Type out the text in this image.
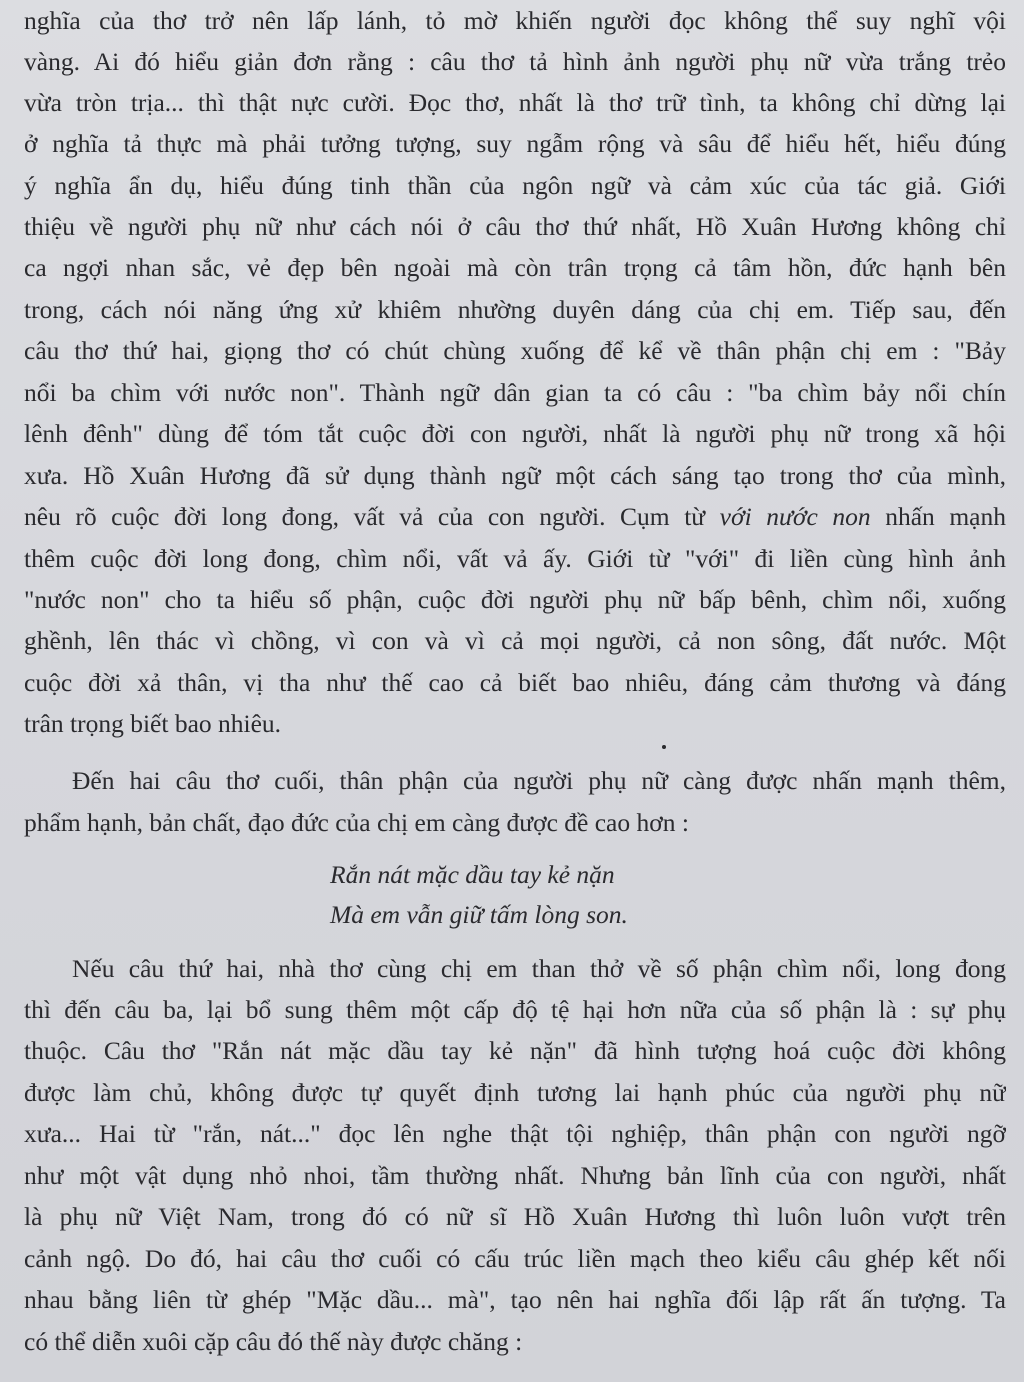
nghĩa của thơ trở nên lấp lánh, tỏ mờ khiến người đọc không thể suy nghĩ vội
vàng. Ai đó hiểu giản đơn rằng : câu thơ tả hình ảnh người phụ nữ vừa trắng trẻo
vừa tròn trịa... thì thật nực cười. Đọc thơ, nhất là thơ trữ tình, ta không chỉ dừng lại
ở nghĩa tả thực mà phải tưởng tượng, suy ngẫm rộng và sâu để hiểu hết, hiểu đúng
ý nghĩa ẩn dụ, hiểu đúng tinh thần của ngôn ngữ và cảm xúc của tác giả. Giới
thiệu về người phụ nữ như cách nói ở câu thơ thứ nhất, Hồ Xuân Hương không chỉ
ca ngợi nhan sắc, vẻ đẹp bên ngoài mà còn trân trọng cả tâm hồn, đức hạnh bên
trong, cách nói năng ứng xử khiêm nhường duyên dáng của chị em. Tiếp sau, đến
câu thơ thứ hai, giọng thơ có chút chùng xuống để kể về thân phận chị em : "Bảy
nổi ba chìm với nước non". Thành ngữ dân gian ta có câu : "ba chìm bảy nổi chín
lênh đênh" dùng để tóm tắt cuộc đời con người, nhất là người phụ nữ trong xã hội
xưa. Hồ Xuân Hương đã sử dụng thành ngữ một cách sáng tạo trong thơ của mình,
nêu rõ cuộc đời long đong, vất vả của con người. Cụm từ với nước non nhấn mạnh
thêm cuộc đời long đong, chìm nổi, vất vả ấy. Giới từ "với" đi liền cùng hình ảnh
"nước non" cho ta hiểu số phận, cuộc đời người phụ nữ bấp bênh, chìm nổi, xuống
ghềnh, lên thác vì chồng, vì con và vì cả mọi người, cả non sông, đất nước. Một
cuộc đời xả thân, vị tha như thế cao cả biết bao nhiêu, đáng cảm thương và đáng
trân trọng biết bao nhiêu.
Đến hai câu thơ cuối, thân phận của người phụ nữ càng được nhấn mạnh thêm,
phẩm hạnh, bản chất, đạo đức của chị em càng được đề cao hơn :
Rắn nát mặc dầu tay kẻ nặn
Mà em vẫn giữ tấm lòng son.
Nếu câu thứ hai, nhà thơ cùng chị em than thở về số phận chìm nổi, long đong
thì đến câu ba, lại bổ sung thêm một cấp độ tệ hại hơn nữa của số phận là : sự phụ
thuộc. Câu thơ "Rắn nát mặc dầu tay kẻ nặn" đã hình tượng hoá cuộc đời không
được làm chủ, không được tự quyết định tương lai hạnh phúc của người phụ nữ
xưa... Hai từ "rắn, nát..." đọc lên nghe thật tội nghiệp, thân phận con người ngỡ
như một vật dụng nhỏ nhoi, tầm thường nhất. Nhưng bản lĩnh của con người, nhất
là phụ nữ Việt Nam, trong đó có nữ sĩ Hồ Xuân Hương thì luôn luôn vượt trên
cảnh ngộ. Do đó, hai câu thơ cuối có cấu trúc liền mạch theo kiểu câu ghép kết nối
nhau bằng liên từ ghép "Mặc dầu... mà", tạo nên hai nghĩa đối lập rất ấn tượng. Ta
có thể diễn xuôi cặp câu đó thế này được chăng :
